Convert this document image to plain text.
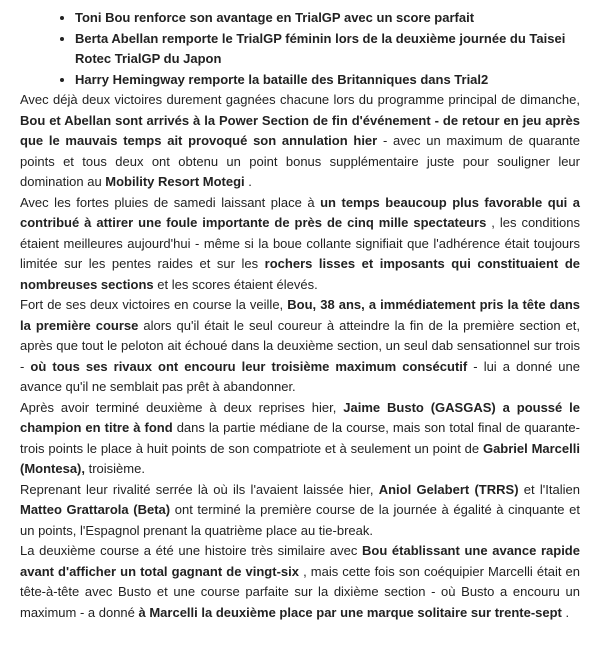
• Toni Bou renforce son avantage en TrialGP avec un score parfait
• Berta Abellan remporte le TrialGP féminin lors de la deuxième journée du Taisei Rotec TrialGP du Japon
• Harry Hemingway remporte la bataille des Britanniques dans Trial2

Avec déjà deux victoires durement gagnées chacune lors du programme principal de dimanche, Bou et Abellan sont arrivés à la Power Section de fin d'événement - de retour en jeu après que le mauvais temps ait provoqué son annulation hier - avec un maximum de quarante points et tous deux ont obtenu un point bonus supplémentaire juste pour souligner leur domination au Mobility Resort Motegi .

Avec les fortes pluies de samedi laissant place à un temps beaucoup plus favorable qui a contribué à attirer une foule importante de près de cinq mille spectateurs , les conditions étaient meilleures aujourd'hui - même si la boue collante signifiait que l'adhérence était toujours limitée sur les pentes raides et sur les rochers lisses et imposants qui constituaient de nombreuses sections et les scores étaient élevés.

Fort de ses deux victoires en course la veille, Bou, 38 ans, a immédiatement pris la tête dans la première course alors qu'il était le seul coureur à atteindre la fin de la première section et, après que tout le peloton ait échoué dans la deuxième section, un seul dab sensationnel sur trois - où tous ses rivaux ont encouru leur troisième maximum consécutif - lui a donné une avance qu'il ne semblait pas prêt à abandonner.

Après avoir terminé deuxième à deux reprises hier, Jaime Busto (GASGAS) a poussé le champion en titre à fond dans la partie médiane de la course, mais son total final de quarante-trois points le place à huit points de son compatriote et à seulement un point de Gabriel Marcelli (Montesa), troisième.

Reprenant leur rivalité serrée là où ils l'avaient laissée hier, Aniol Gelabert (TRRS) et l'Italien Matteo Grattarola (Beta) ont terminé la première course de la journée à égalité à cinquante et un points, l'Espagnol prenant la quatrième place au tie-break.

La deuxième course a été une histoire très similaire avec Bou établissant une avance rapide avant d'afficher un total gagnant de vingt-six , mais cette fois son coéquipier Marcelli était en tête-à-tête avec Busto et une course parfaite sur la dixième section - où Busto a encouru un maximum - a donné à Marcelli la deuxième place par une marque solitaire sur trente-sept .
